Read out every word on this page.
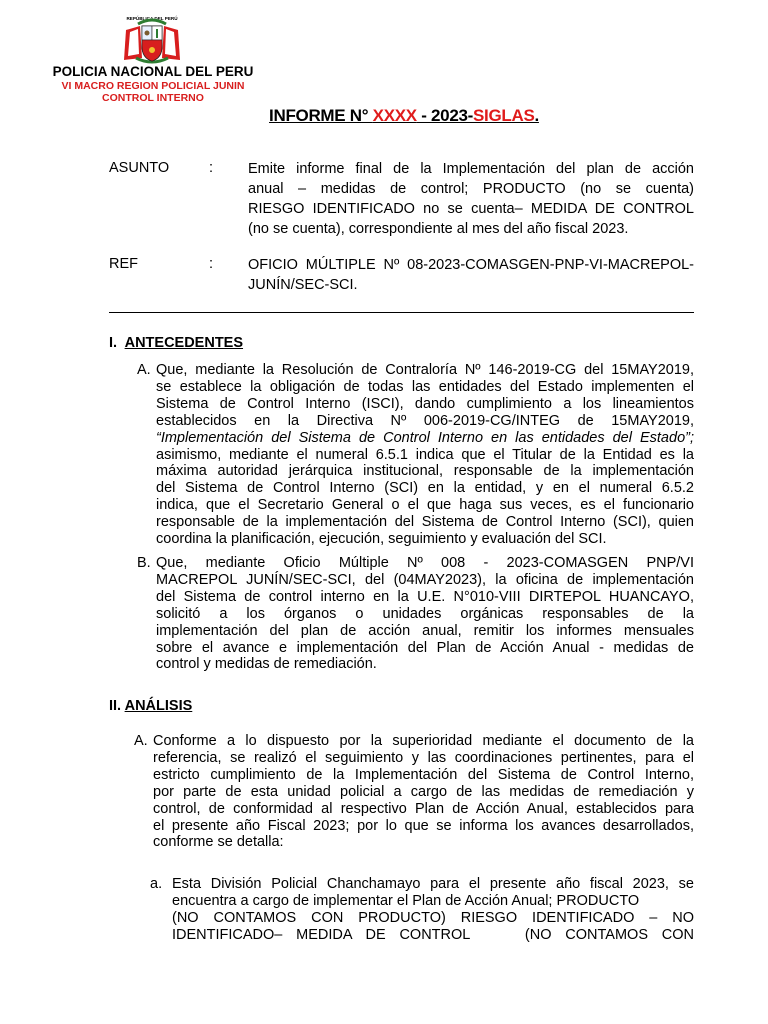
REPÚBLICA DEL PERÚ
POLICIA NACIONAL DEL PERU
VI MACRO REGION POLICIAL JUNIN
CONTROL INTERNO
INFORME N° XXXX - 2023-SIGLAS.
ASUNTO	: Emite informe final de la Implementación del plan de acción
anual – medidas de control; PRODUCTO (no se cuenta)
RIESGO IDENTIFICADO no se cuenta– MEDIDA DE CONTROL
(no se cuenta), correspondiente al mes del año fiscal 2023.
REF	: OFICIO MÚLTIPLE Nº 08-2023-COMASGEN-PNP-VI-MACREPOL-
JUNÍN/SEC-SCI.
I. ANTECEDENTES
A. Que, mediante la Resolución de Contraloría Nº 146-2019-CG del 15MAY2019,
se establece la obligación de todas las entidades del Estado implementen el
Sistema de Control Interno (ISCI), dando cumplimiento a los lineamientos
establecidos en la Directiva Nº 006-2019-CG/INTEG de 15MAY2019,
“Implementación del Sistema de Control Interno en las entidades del Estado”;
asimismo, mediante el numeral 6.5.1 indica que el Titular de la Entidad es la
máxima autoridad jerárquica institucional, responsable de la implementación
del Sistema de Control Interno (SCI) en la entidad, y en el numeral 6.5.2
indica, que el Secretario General o el que haga sus veces, es el funcionario
responsable de la implementación del Sistema de Control Interno (SCI), quien
coordina la planificación, ejecución, seguimiento y evaluación del SCI.
B. Que, mediante Oficio Múltiple Nº 008 - 2023-COMASGEN PNP/VI
MACREPOL JUNÍN/SEC-SCI, del (04MAY2023), la oficina de implementación
del Sistema de control interno en la U.E. N°010-VIII DIRTEPOL HUANCAYO,
solicitó a los órganos o unidades orgánicas responsables de la
implementación del plan de acción anual, remitir los informes mensuales
sobre el avance e implementación del Plan de Acción Anual - medidas de
control y medidas de remediación.
II. ANÁLISIS
A. Conforme a lo dispuesto por la superioridad mediante el documento de la
referencia, se realizó el seguimiento y las coordinaciones pertinentes, para el
estricto cumplimiento de la Implementación del Sistema de Control Interno,
por parte de esta unidad policial a cargo de las medidas de remediación y
control, de conformidad al respectivo Plan de Acción Anual, establecidos para
el presente año Fiscal 2023; por lo que se informa los avances desarrollados,
conforme se detalla:
a. Esta División Policial Chanchamayo para el presente año fiscal 2023, se
encuentra a cargo de implementar el Plan de Acción Anual; PRODUCTO
(NO CONTAMOS CON PRODUCTO) RIESGO IDENTIFICADO – NO
IDENTIFICADO– MEDIDA DE CONTROL    (NO CONTAMOS CON
